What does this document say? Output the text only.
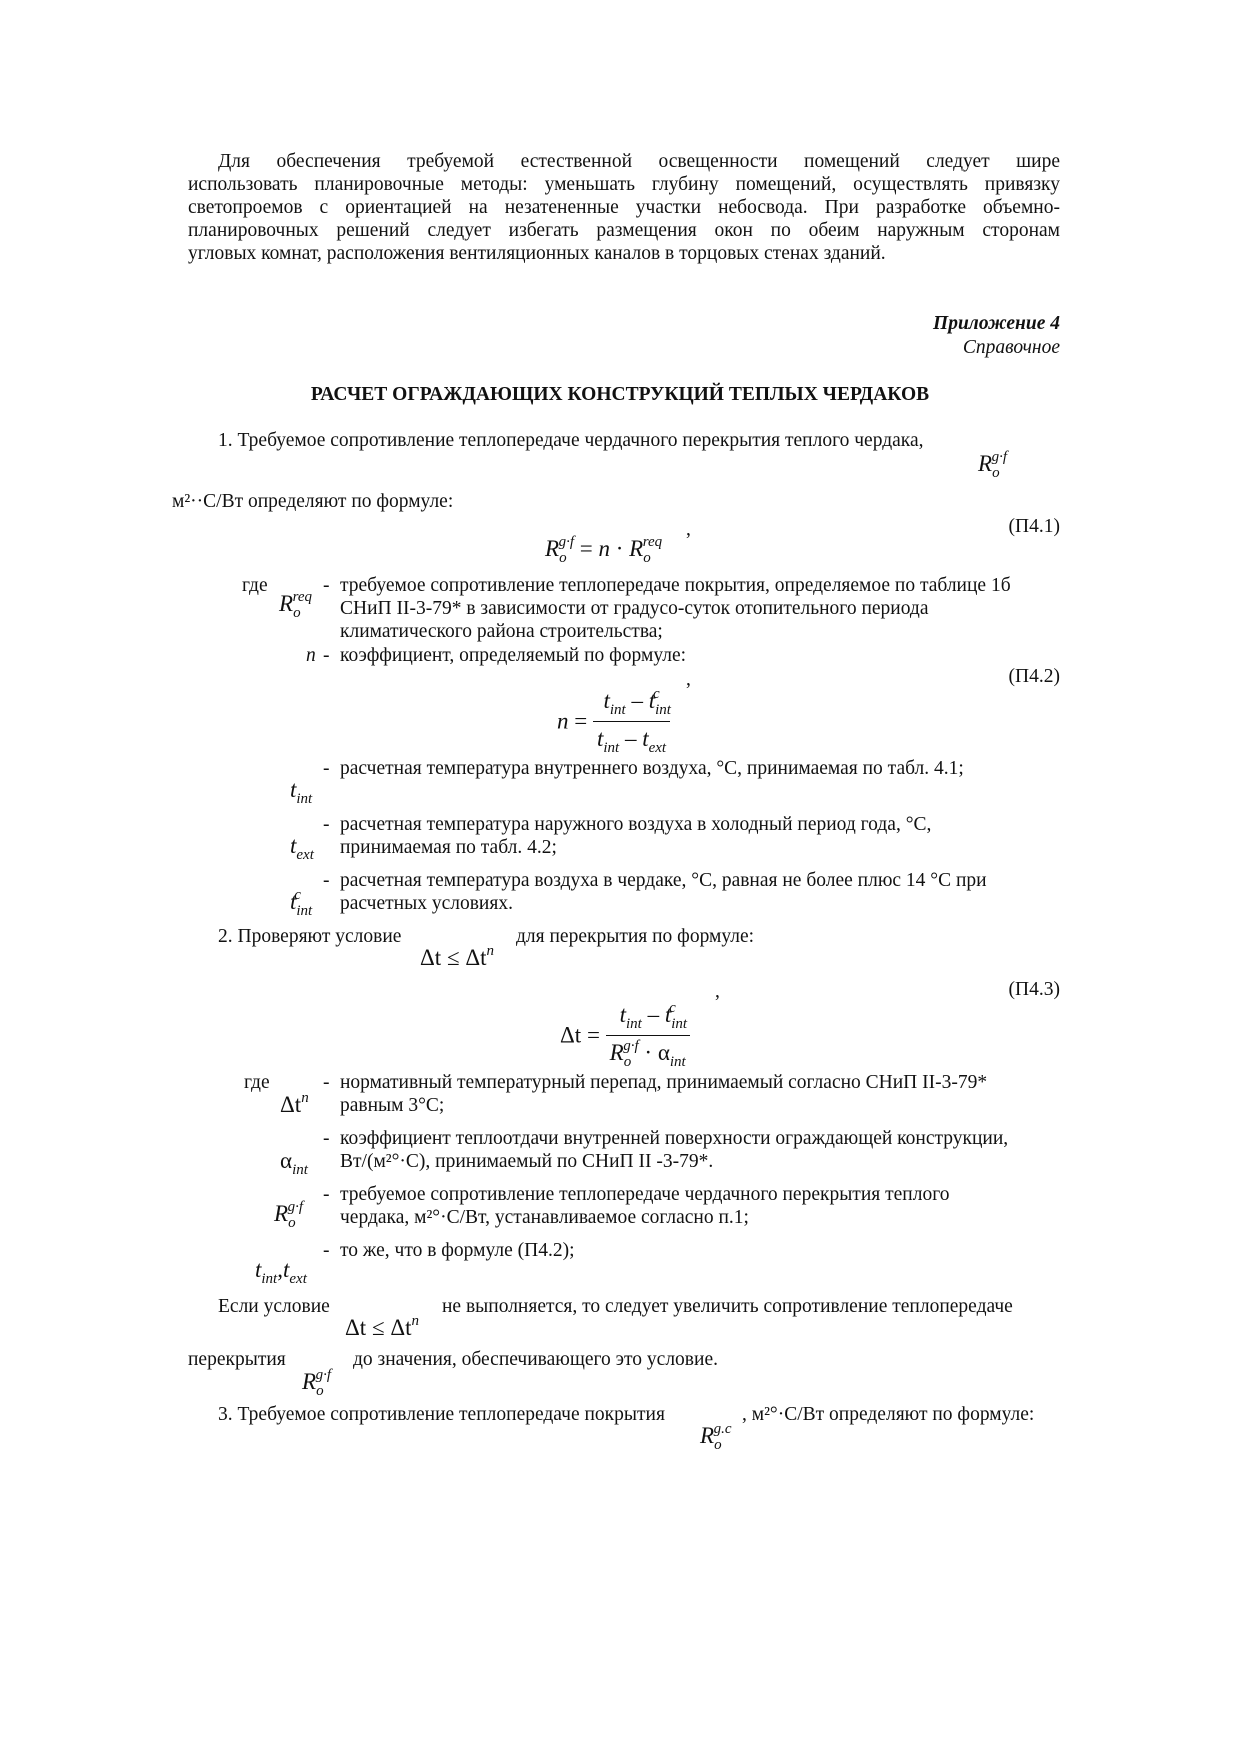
Для обеспечения требуемой естественной освещенности помещений следует шире
использовать планировочные методы: уменьшать глубину помещений, осуществлять привязку
светопроемов с ориентацией на незатененные участки небосвода. При разработке объемно-
планировочных решений следует избегать размещения окон по обеим наружным сторонам
угловых комнат, расположения вентиляционных каналов в торцовых стенах зданий.
Приложение 4
Справочное
РАСЧЕТ ОГРАЖДАЮЩИХ КОНСТРУКЦИЙ ТЕПЛЫХ ЧЕРДАКОВ
1. Требуемое сопротивление теплопередаче чердачного перекрытия теплого чердака,
$R_o^{g\cdot f}$
м²··С/Вт определяют по формуле:
$R_o^{g\cdot f} = n \cdot R_o^{req}$
,	(П4.1)
где
$R_o^{req}$
- требуемое сопротивление теплопередаче покрытия, определяемое по таблице 1б
СНиП II-3-79* в зависимости от градусо-суток отопительного периода
климатического района строительства;
n - коэффициент, определяемый по формуле:
,	(П4.2)
$n = \frac{t_{int} - t_{int}^c}{t_{int} - t_{ext}}$
$t_{int}$
- расчетная температура внутреннего воздуха, °С, принимаемая по табл. 4.1;
$t_{ext}$
- расчетная температура наружного воздуха в холодный период года, °С,
принимаемая по табл. 4.2;
$t_{int}^c$
- расчетная температура воздуха в чердаке, °С, равная не более плюс 14 °С при
расчетных условиях.
2. Проверяют условие	для перекрытия по формуле:
$\Delta t \le \Delta t^n$
,	(П4.3)
$\Delta t = \frac{t_{int} - t_{int}^c}{R_o^{g\cdot f} \cdot \alpha_{int}}$
где
$\Delta t^n$
- нормативный температурный перепад, принимаемый согласно СНиП II-3-79*
равным 3°С;
$\alpha_{int}$
- коэффициент теплоотдачи внутренней поверхности ограждающей конструкции,
Вт/(м²°·С), принимаемый по СНиП II -3-79*.
$R_o^{g\cdot f}$
- требуемое сопротивление теплопередаче чердачного перекрытия теплого
чердака, м²°·С/Вт, устанавливаемое согласно п.1;
$t_{int},t_{ext}$
- то же, что в формуле (П4.2);
Если условие	не выполняется, то следует увеличить сопротивление теплопередаче
$\Delta t \le \Delta t^n$
перекрытия	до значения, обеспечивающего это условие.
$R_o^{g\cdot f}$
3. Требуемое сопротивление теплопередаче покрытия	, м²°·С/Вт определяют по формуле:
$R_o^{g.c}$
